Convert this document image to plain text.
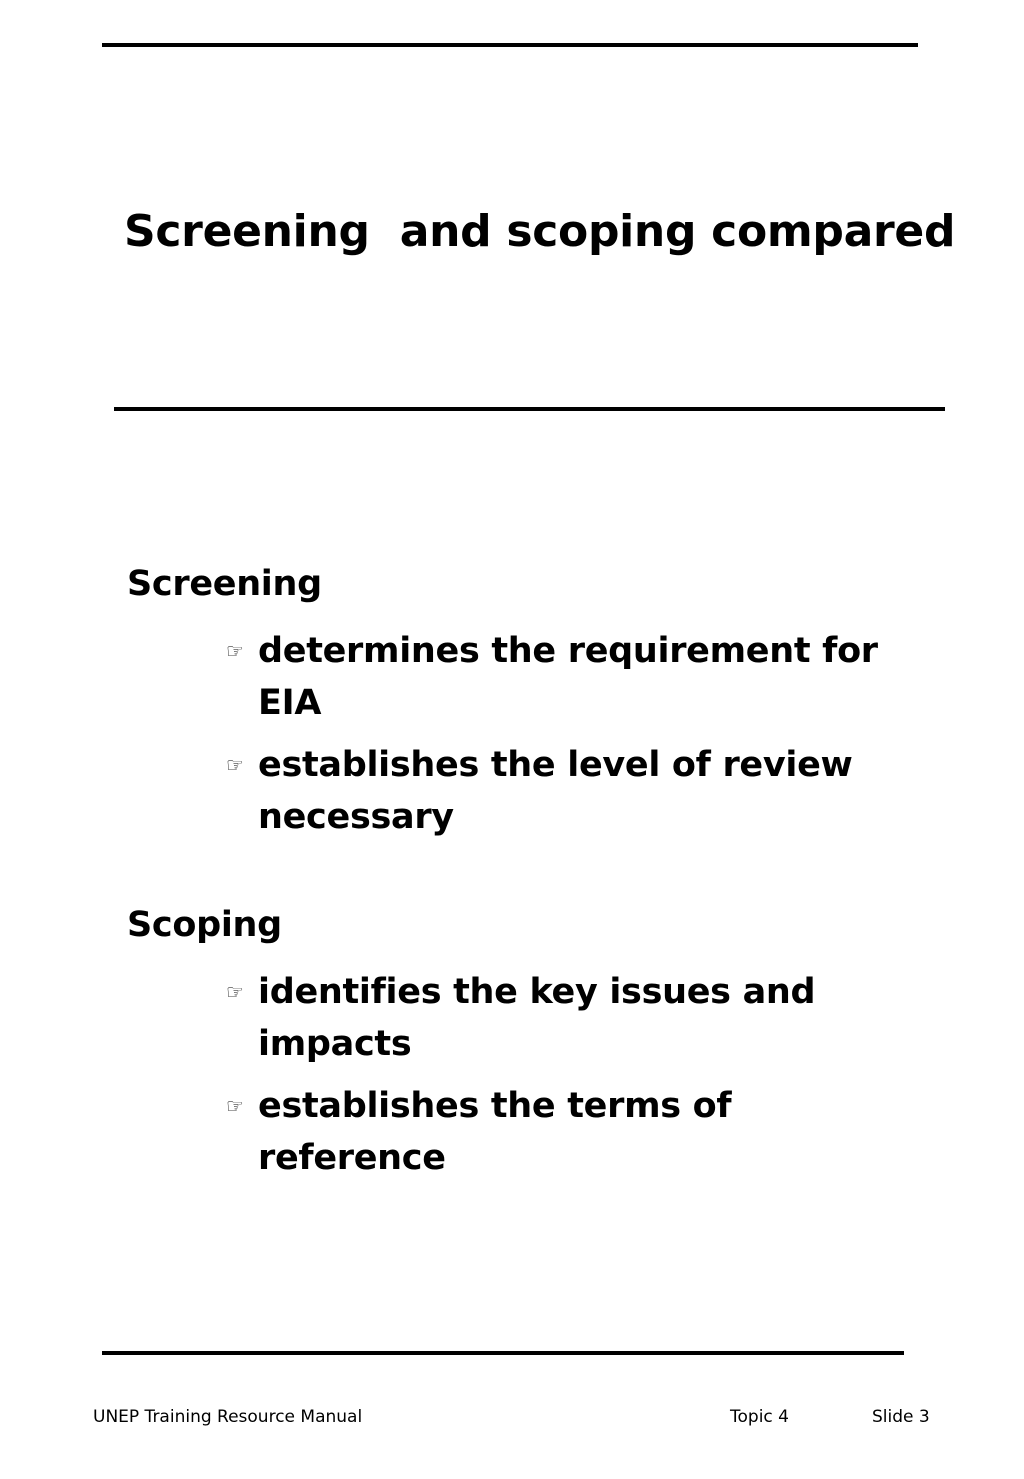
Screening  and scoping compared
Screening
☞ determines the requirement for EIA
☞ establishes the level of review necessary
Scoping
☞ identifies the key issues and impacts
☞ establishes the terms of reference
UNEP Training Resource Manual	Topic 4	Slide 3
